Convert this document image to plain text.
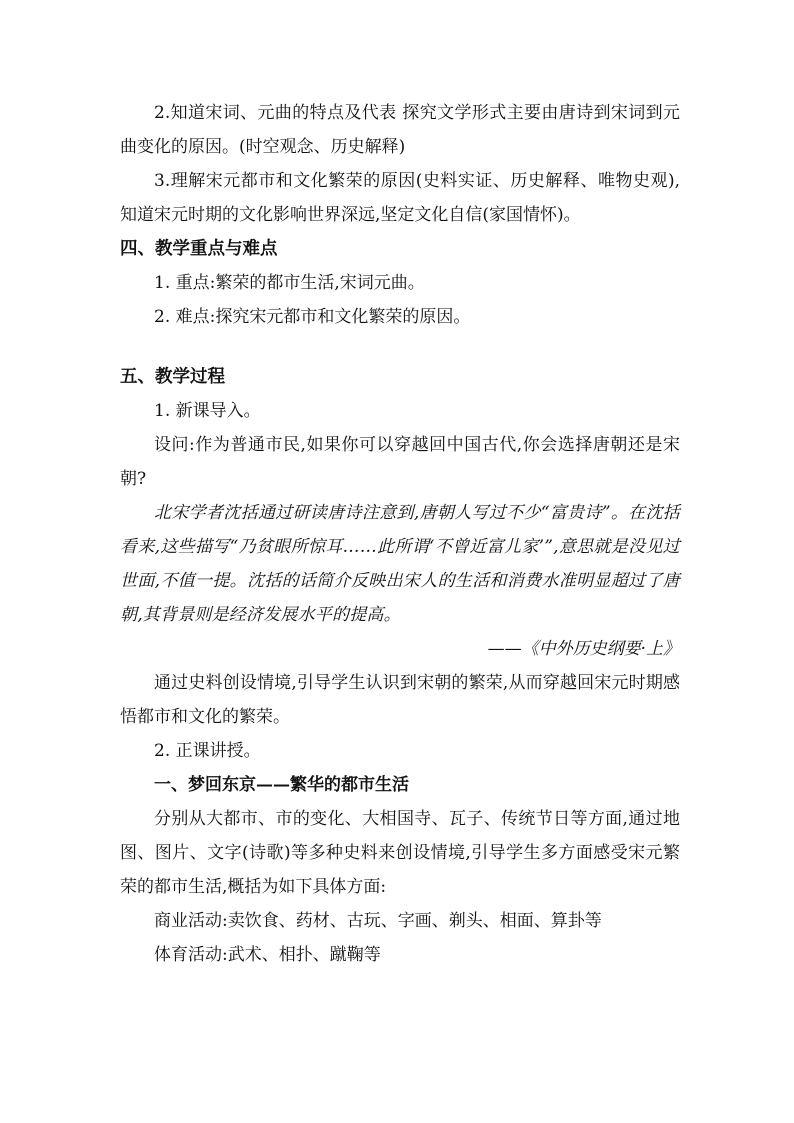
2.知道宋词、元曲的特点及代表 探究文学形式主要由唐诗到宋词到元曲变化的原因。(时空观念、历史解释)

3.理解宋元都市和文化繁荣的原因(史料实证、历史解释、唯物史观),知道宋元时期的文化影响世界深远,坚定文化自信(家国情怀)。

四、教学重点与难点

1. 重点:繁荣的都市生活,宋词元曲。

2. 难点:探究宋元都市和文化繁荣的原因。

五、教学过程

1. 新课导入。

设问:作为普通市民,如果你可以穿越回中国古代,你会选择唐朝还是宋朝?

北宋学者沈括通过研读唐诗注意到,唐朝人写过不少“富贵诗”。在沈括看来,这些描写“乃贫眼所惊耳……此所谓‘不曾近富儿家’”,意思就是没见过世面,不值一提。沈括的话简介反映出宋人的生活和消费水准明显超过了唐朝,其背景则是经济发展水平的提高。

——《中外历史纲要·上》

通过史料创设情境,引导学生认识到宋朝的繁荣,从而穿越回宋元时期感悟都市和文化的繁荣。

2. 正课讲授。

一、梦回东京——繁华的都市生活

分别从大都市、市的变化、大相国寺、瓦子、传统节日等方面,通过地图、图片、文字(诗歌)等多种史料来创设情境,引导学生多方面感受宋元繁荣的都市生活,概括为如下具体方面:

商业活动:卖饮食、药材、古玩、字画、剃头、相面、算卦等

体育活动:武术、相扑、蹴鞠等
